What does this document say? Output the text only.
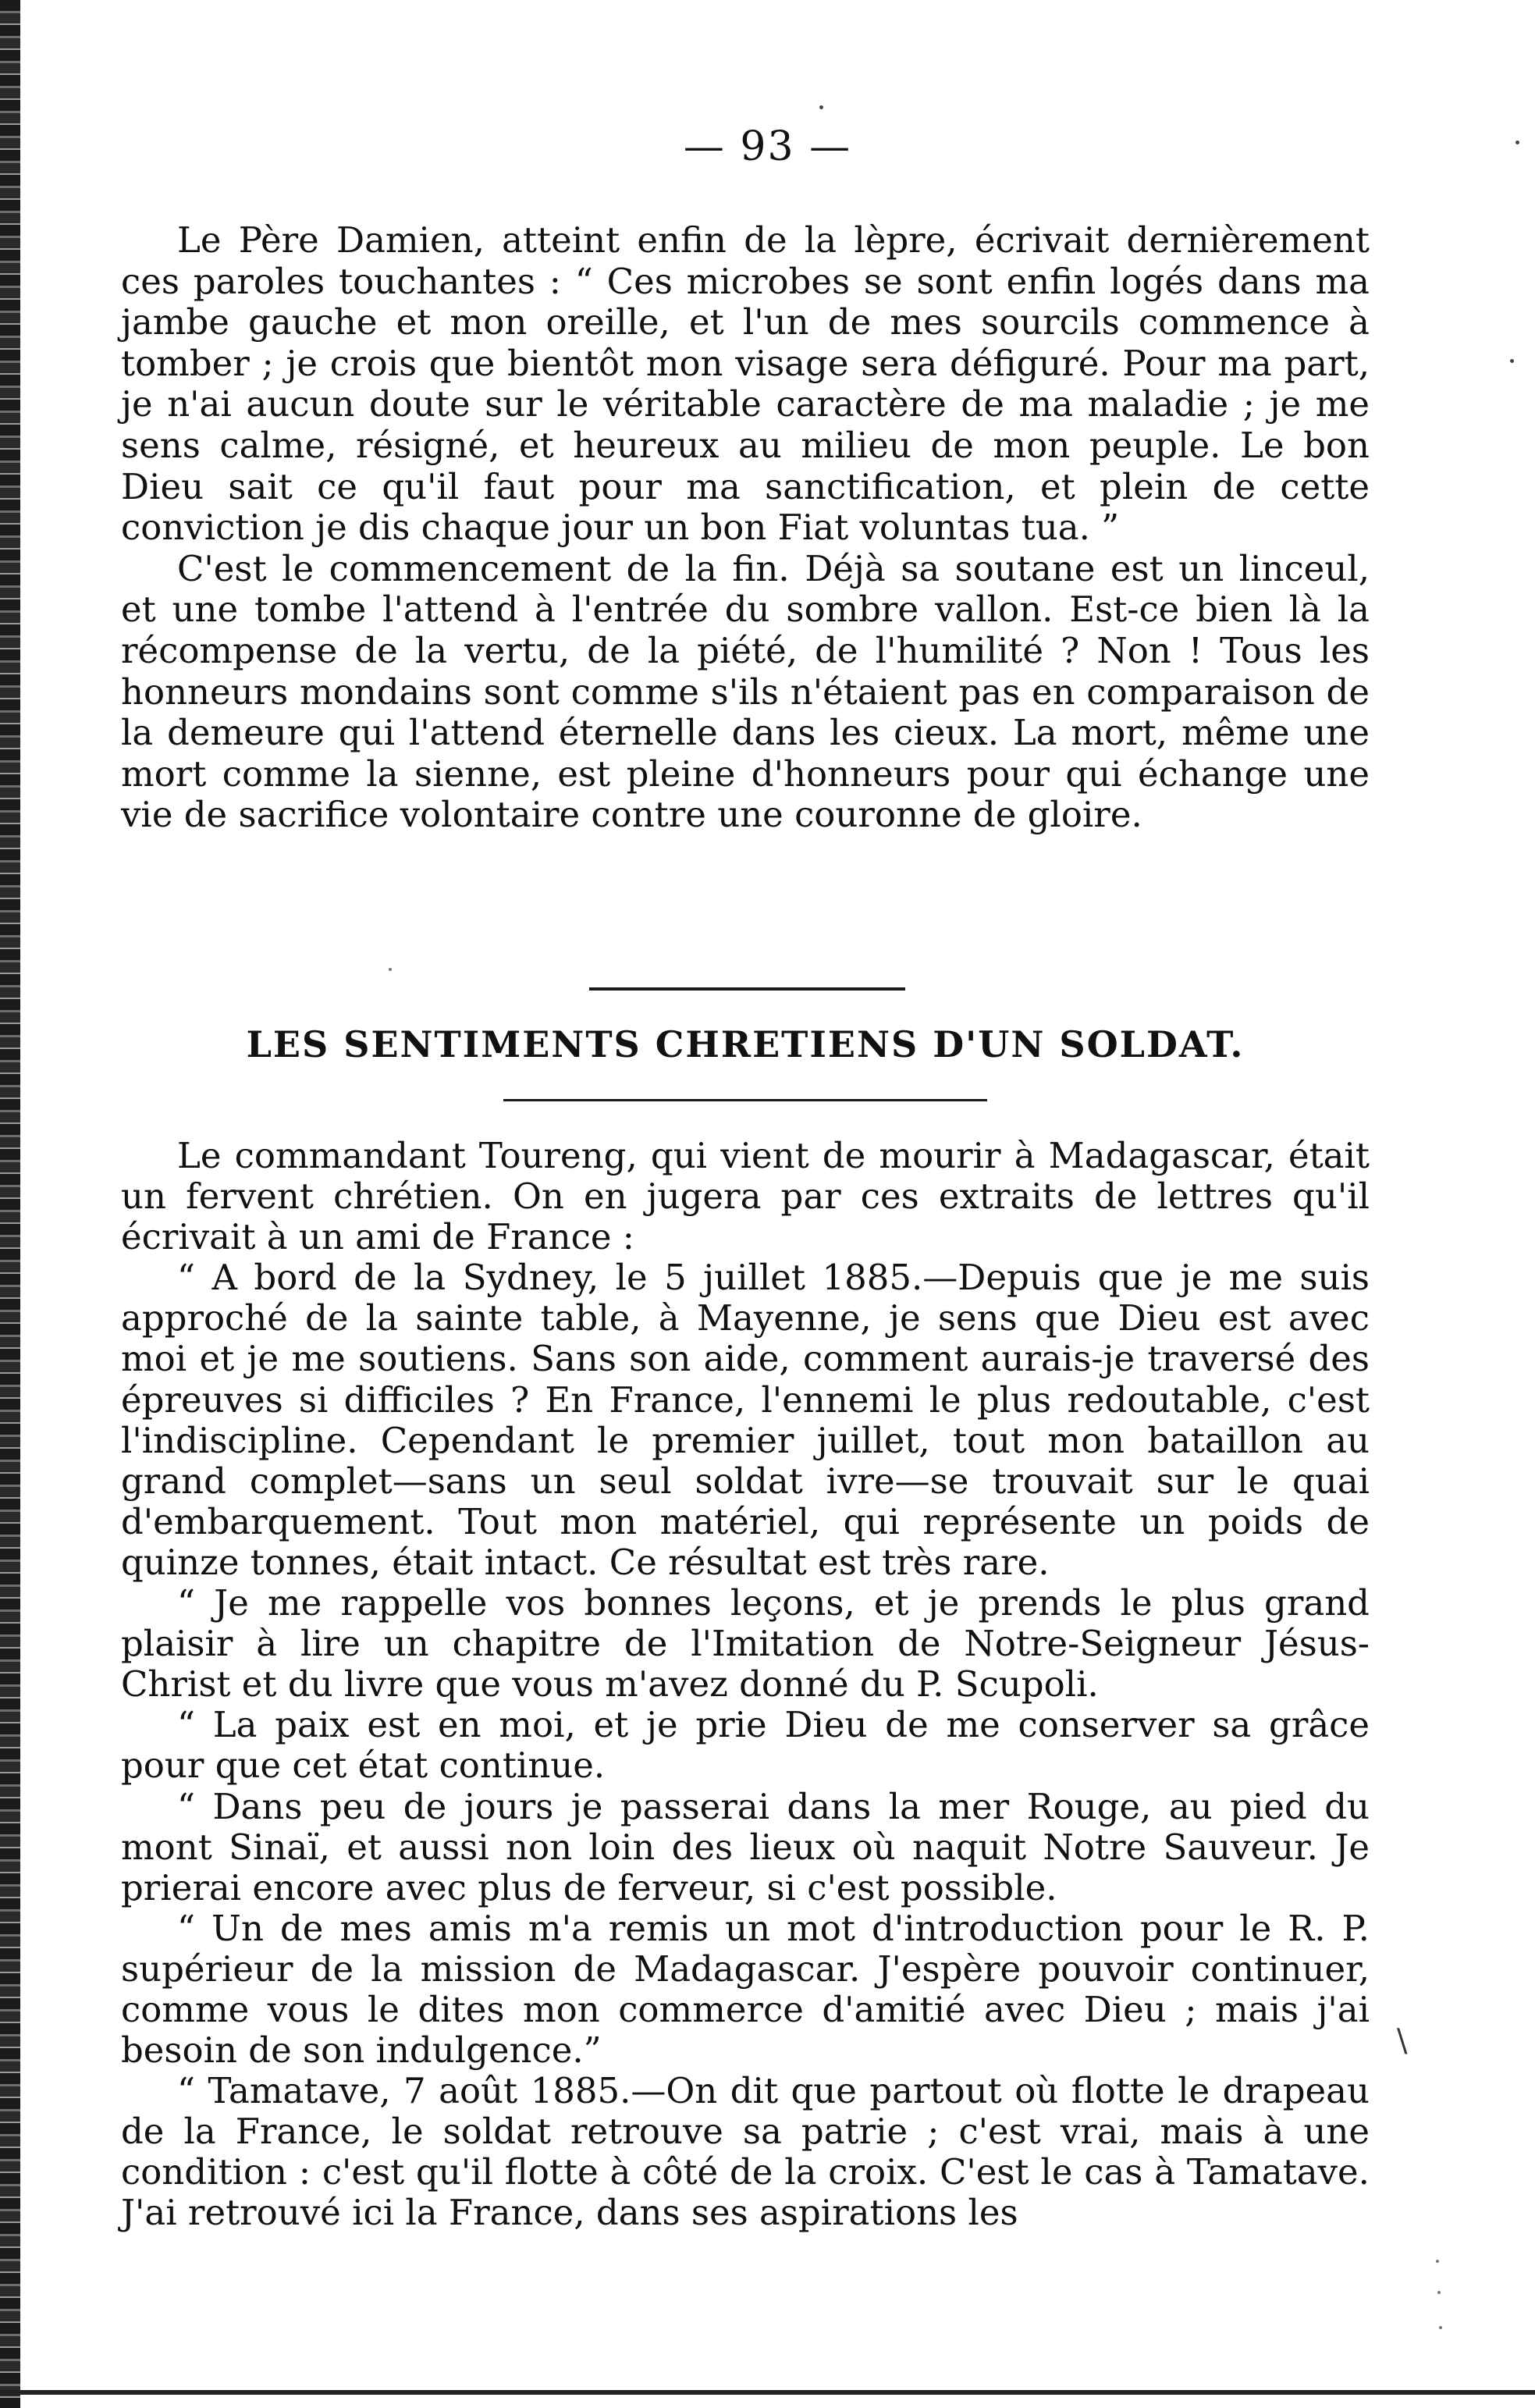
— 93 —

Le Père Damien, atteint enfin de la lèpre, écrivait dernièrement ces paroles touchantes : “ Ces microbes se sont enfin logés dans ma jambe gauche et mon oreille, et l'un de mes sourcils commence à tomber ; je crois que bientôt mon visage sera défiguré. Pour ma part, je n'ai aucun doute sur le véritable caractère de ma maladie ; je me sens calme, résigné, et heureux au milieu de mon peuple. Le bon Dieu sait ce qu'il faut pour ma sanctification, et plein de cette conviction je dis chaque jour un bon Fiat voluntas tua. ”

C'est le commencement de la fin. Déjà sa soutane est un linceul, et une tombe l'attend à l'entrée du sombre vallon. Est-ce bien là la récompense de la vertu, de la piété, de l'humilité ? Non ! Tous les honneurs mondains sont comme s'ils n'étaient pas en comparaison de la demeure qui l'attend éternelle dans les cieux. La mort, même une mort comme la sienne, est pleine d'honneurs pour qui échange une vie de sacrifice volontaire contre une couronne de gloire.

LES SENTIMENTS CHRETIENS D'UN SOLDAT.

Le commandant Toureng, qui vient de mourir à Madagascar, était un fervent chrétien. On en jugera par ces extraits de lettres qu'il écrivait à un ami de France :

“ A bord de la Sydney, le 5 juillet 1885.—Depuis que je me suis approché de la sainte table, à Mayenne, je sens que Dieu est avec moi et je me soutiens. Sans son aide, comment aurais-je traversé des épreuves si difficiles ? En France, l'ennemi le plus redoutable, c'est l'indiscipline. Cependant le premier juillet, tout mon bataillon au grand complet—sans un seul soldat ivre—se trouvait sur le quai d'embarquement. Tout mon matériel, qui représente un poids de quinze tonnes, était intact. Ce résultat est très rare.

“ Je me rappelle vos bonnes leçons, et je prends le plus grand plaisir à lire un chapitre de l'Imitation de Notre-Seigneur Jésus-Christ et du livre que vous m'avez donné du P. Scupoli.

“ La paix est en moi, et je prie Dieu de me conserver sa grâce pour que cet état continue.

“ Dans peu de jours je passerai dans la mer Rouge, au pied du mont Sinaï, et aussi non loin des lieux où naquit Notre Sauveur. Je prierai encore avec plus de ferveur, si c'est possible.

“ Un de mes amis m'a remis un mot d'introduction pour le R. P. supérieur de la mission de Madagascar. J'espère pouvoir continuer, comme vous le dites mon commerce d'amitié avec Dieu ; mais j'ai besoin de son indulgence.”

“ Tamatave, 7 août 1885.—On dit que partout où flotte le drapeau de la France, le soldat retrouve sa patrie ; c'est vrai, mais à une condition : c'est qu'il flotte à côté de la croix. C'est le cas à Tamatave. J'ai retrouvé ici la France, dans ses aspirations les

\
